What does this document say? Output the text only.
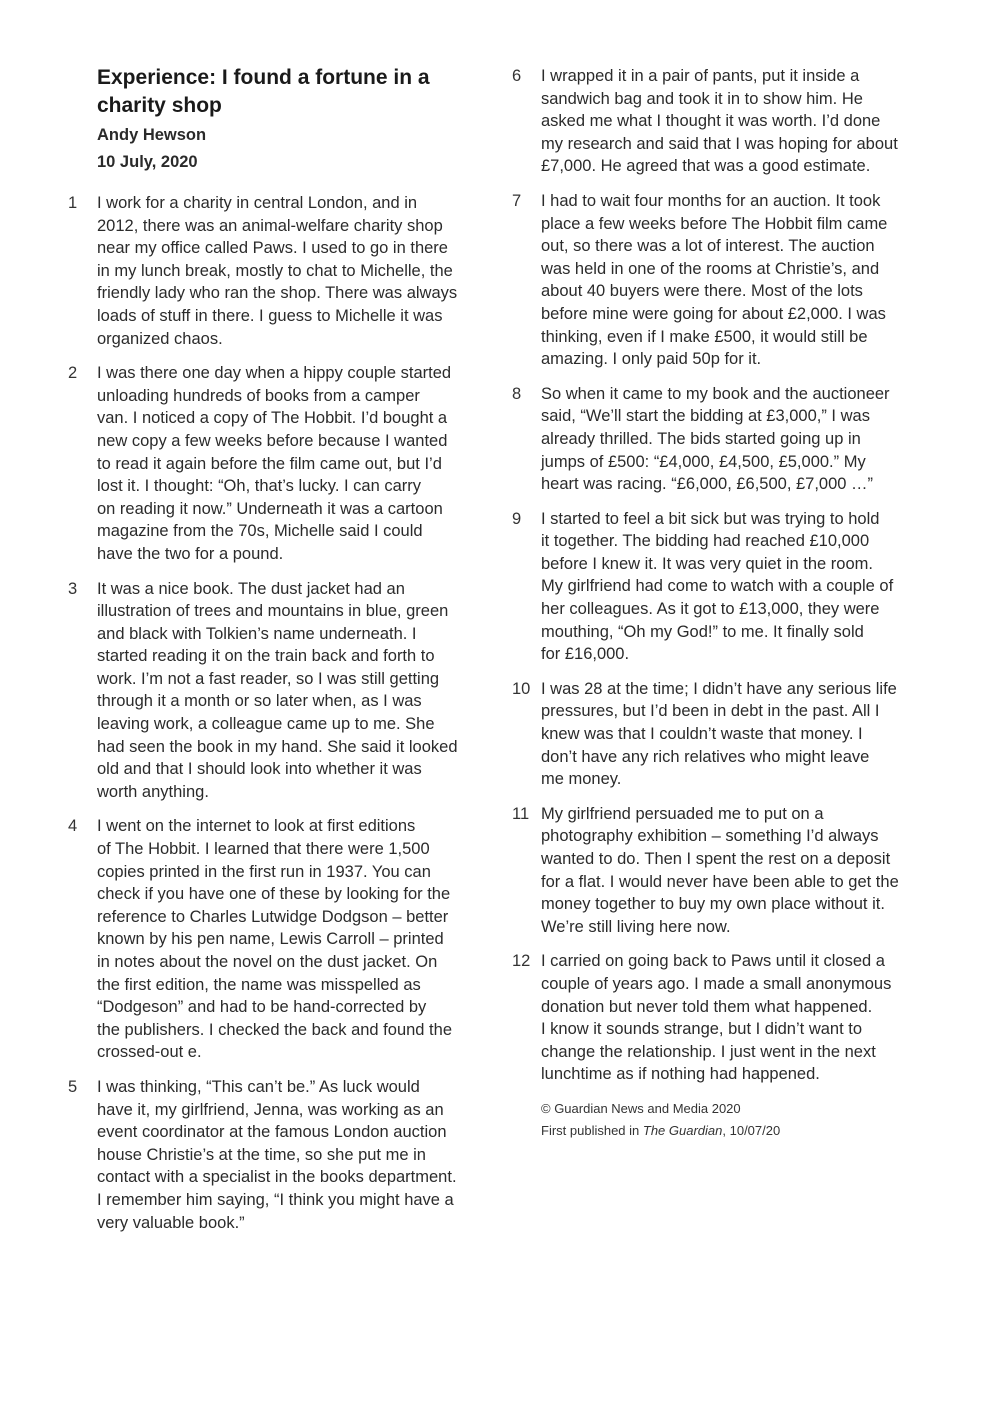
Experience: I found a fortune in a charity shop
Andy Hewson
10 July, 2020
1	I work for a charity in central London, and in
2012, there was an animal-welfare charity shop
near my office called Paws. I used to go in there
in my lunch break, mostly to chat to Michelle, the
friendly lady who ran the shop. There was always
loads of stuff in there. I guess to Michelle it was
organized chaos.
2	I was there one day when a hippy couple started
unloading hundreds of books from a camper
van. I noticed a copy of The Hobbit. I’d bought a
new copy a few weeks before because I wanted
to read it again before the film came out, but I’d
lost it. I thought: “Oh, that’s lucky. I can carry
on reading it now.” Underneath it was a cartoon
magazine from the 70s, Michelle said I could
have the two for a pound.
3	It was a nice book. The dust jacket had an
illustration of trees and mountains in blue, green
and black with Tolkien’s name underneath. I
started reading it on the train back and forth to
work. I’m not a fast reader, so I was still getting
through it a month or so later when, as I was
leaving work, a colleague came up to me. She
had seen the book in my hand. She said it looked
old and that I should look into whether it was
worth anything.
4	I went on the internet to look at first editions
of The Hobbit. I learned that there were 1,500
copies printed in the first run in 1937. You can
check if you have one of these by looking for the
reference to Charles Lutwidge Dodgson – better
known by his pen name, Lewis Carroll – printed
in notes about the novel on the dust jacket. On
the first edition, the name was misspelled as
“Dodgeson” and had to be hand-corrected by
the publishers. I checked the back and found the
crossed-out e.
5	I was thinking, “This can’t be.” As luck would
have it, my girlfriend, Jenna, was working as an
event coordinator at the famous London auction
house Christie’s at the time, so she put me in
contact with a specialist in the books department.
I remember him saying, “I think you might have a
very valuable book.”
6	I wrapped it in a pair of pants, put it inside a
sandwich bag and took it in to show him. He
asked me what I thought it was worth. I’d done
my research and said that I was hoping for about
£7,000. He agreed that was a good estimate.
7	I had to wait four months for an auction. It took
place a few weeks before The Hobbit film came
out, so there was a lot of interest. The auction
was held in one of the rooms at Christie’s, and
about 40 buyers were there. Most of the lots
before mine were going for about £2,000. I was
thinking, even if I make £500, it would still be
amazing. I only paid 50p for it.
8	So when it came to my book and the auctioneer
said, “We’ll start the bidding at £3,000,” I was
already thrilled. The bids started going up in
jumps of £500: “£4,000, £4,500, £5,000.” My
heart was racing. “£6,000, £6,500, £7,000 …”
9	I started to feel a bit sick but was trying to hold
it together. The bidding had reached £10,000
before I knew it. It was very quiet in the room.
My girlfriend had come to watch with a couple of
her colleagues. As it got to £13,000, they were
mouthing, “Oh my God!” to me. It finally sold
for £16,000.
10 I was 28 at the time; I didn’t have any serious life
pressures, but I’d been in debt in the past. All I
knew was that I couldn’t waste that money. I
don’t have any rich relatives who might leave
me money.
11 My girlfriend persuaded me to put on a
photography exhibition – something I’d always
wanted to do. Then I spent the rest on a deposit
for a flat. I would never have been able to get the
money together to buy my own place without it.
We’re still living here now.
12 I carried on going back to Paws until it closed a
couple of years ago. I made a small anonymous
donation but never told them what happened.
I know it sounds strange, but I didn’t want to
change the relationship. I just went in the next
lunchtime as if nothing had happened.
© Guardian News and Media 2020
First published in The Guardian, 10/07/20
